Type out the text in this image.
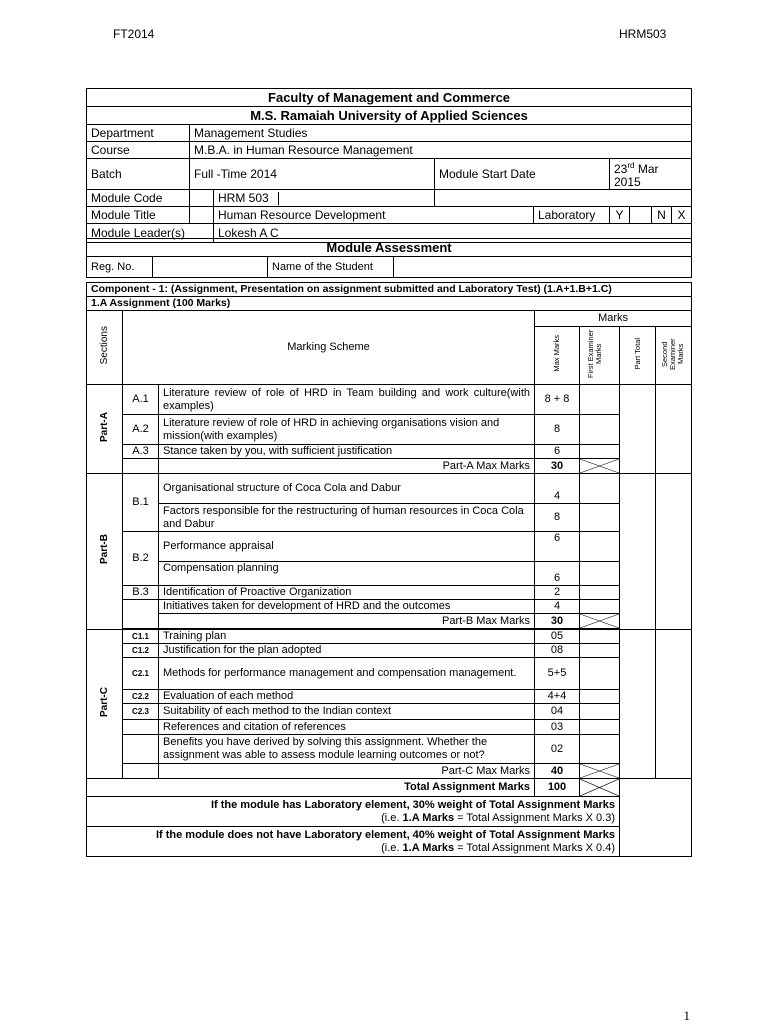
FT2014	HRM503
Faculty of Management and Commerce								
M.S. Ramaiah University of Applied Sciences								
Department	Management Studies							
Course	M.B.A. in Human Resource Management							
Batch	Full -Time 2014		Module Start Date		23rd Mar 2015			
Module Code		HRM 503						
Module Title		Human Resource Development		Laboratory	Y		N	X
Module Leader(s)		Lokesh A C						
Module Assessment
Reg. No.		Name of the Student	
Component - 1: (Assignment, Presentation on assignment submitted and Laboratory Test) (1.A+1.B+1.C)						
1.A Assignment (100 Marks)						
Sections	Marking Scheme		Marks			
			Max Marks	First Examiner Marks	Part Total	Second Examiner Marks
Part-A	A.1	Literature review of role of HRD in Team building and work culture(with examples)	8 + 8			
	A.2	Literature review of role of HRD in achieving organisations vision and mission(with examples)	8			
	A.3	Stance taken by you, with sufficient justification	6			
		Part-A Max Marks	30	

Part-B	B.1	Organisational structure of Coca Cola and Dabur	4			
		Factors responsible for the restructuring of human resources in Coca Cola and Dabur	8			
	B.2	Performance appraisal	6			
		Compensation planning	6			
	B.3	Identification of Proactive Organization	2			
		Initiatives taken for development of HRD and the outcomes	4			
		Part-B Max Marks	30	

Part-C	C1.1	Training plan	05			
	C1.2	Justification for the plan adopted	08			
	C2.1	Methods for performance management and compensation management.	5+5			
	C2.2	Evaluation of each method	4+4			
	C2.3	Suitability of each method to the Indian context	04			
		References and citation of references	03			
		Benefits you have derived by solving this assignment. Whether the assignment was able to assess module learning outcomes or not?	02			
		Part-C Max Marks	40	

Total Assignment Marks			100	

If the module has Laboratory element, 30% weight of Total Assignment Marks
(i.e. 1.A Marks = Total Assignment Marks X 0.3)						

If the module does not have Laboratory element, 40% weight of Total Assignment Marks
(i.e. 1.A Marks = Total Assignment Marks X 0.4)						
1
